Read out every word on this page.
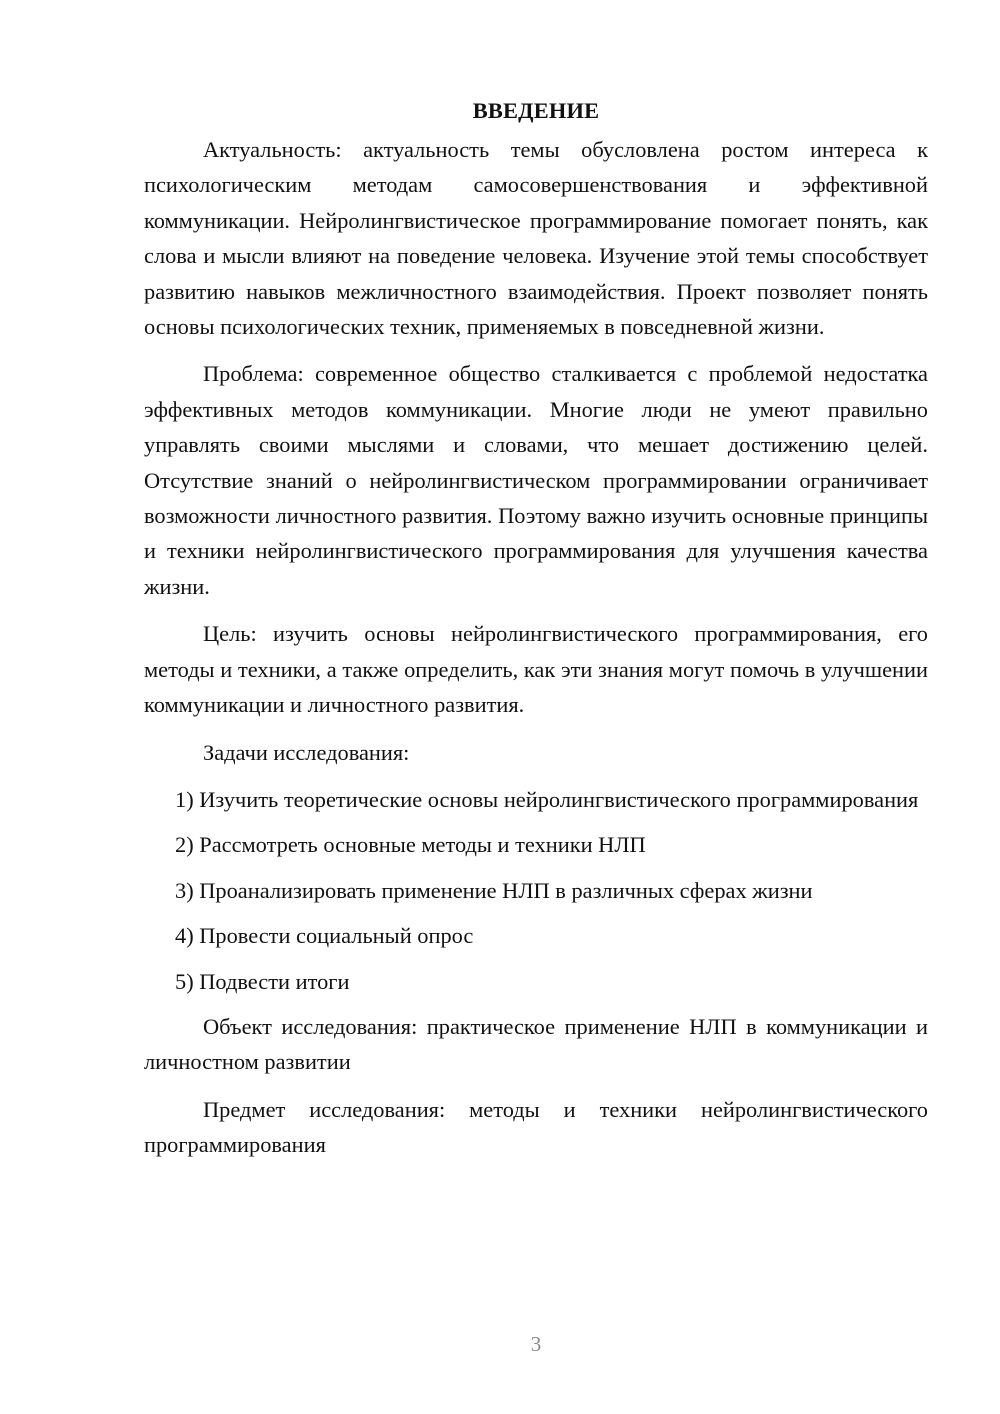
ВВЕДЕНИЕ

Актуальность: актуальность темы обусловлена ростом интереса к психологическим методам самосовершенствования и эффективной коммуникации. Нейролингвистическое программирование помогает понять, как слова и мысли влияют на поведение человека. Изучение этой темы способствует развитию навыков межличностного взаимодействия. Проект позволяет понять основы психологических техник, применяемых в повседневной жизни.

Проблема: современное общество сталкивается с проблемой недостатка эффективных методов коммуникации. Многие люди не умеют правильно управлять своими мыслями и словами, что мешает достижению целей. Отсутствие знаний о нейролингвистическом программировании ограничивает возможности личностного развития. Поэтому важно изучить основные принципы и техники нейролингвистического программирования для улучшения качества жизни.

Цель: изучить основы нейролингвистического программирования, его методы и техники, а также определить, как эти знания могут помочь в улучшении коммуникации и личностного развития.

Задачи исследования:

1) Изучить теоретические основы нейролингвистического программирования

2) Рассмотреть основные методы и техники НЛП

3) Проанализировать применение НЛП в различных сферах жизни

4) Провести социальный опрос

5) Подвести итоги

Объект исследования: практическое применение НЛП в коммуникации и личностном развитии

Предмет исследования: методы и техники нейролингвистического программирования

3
